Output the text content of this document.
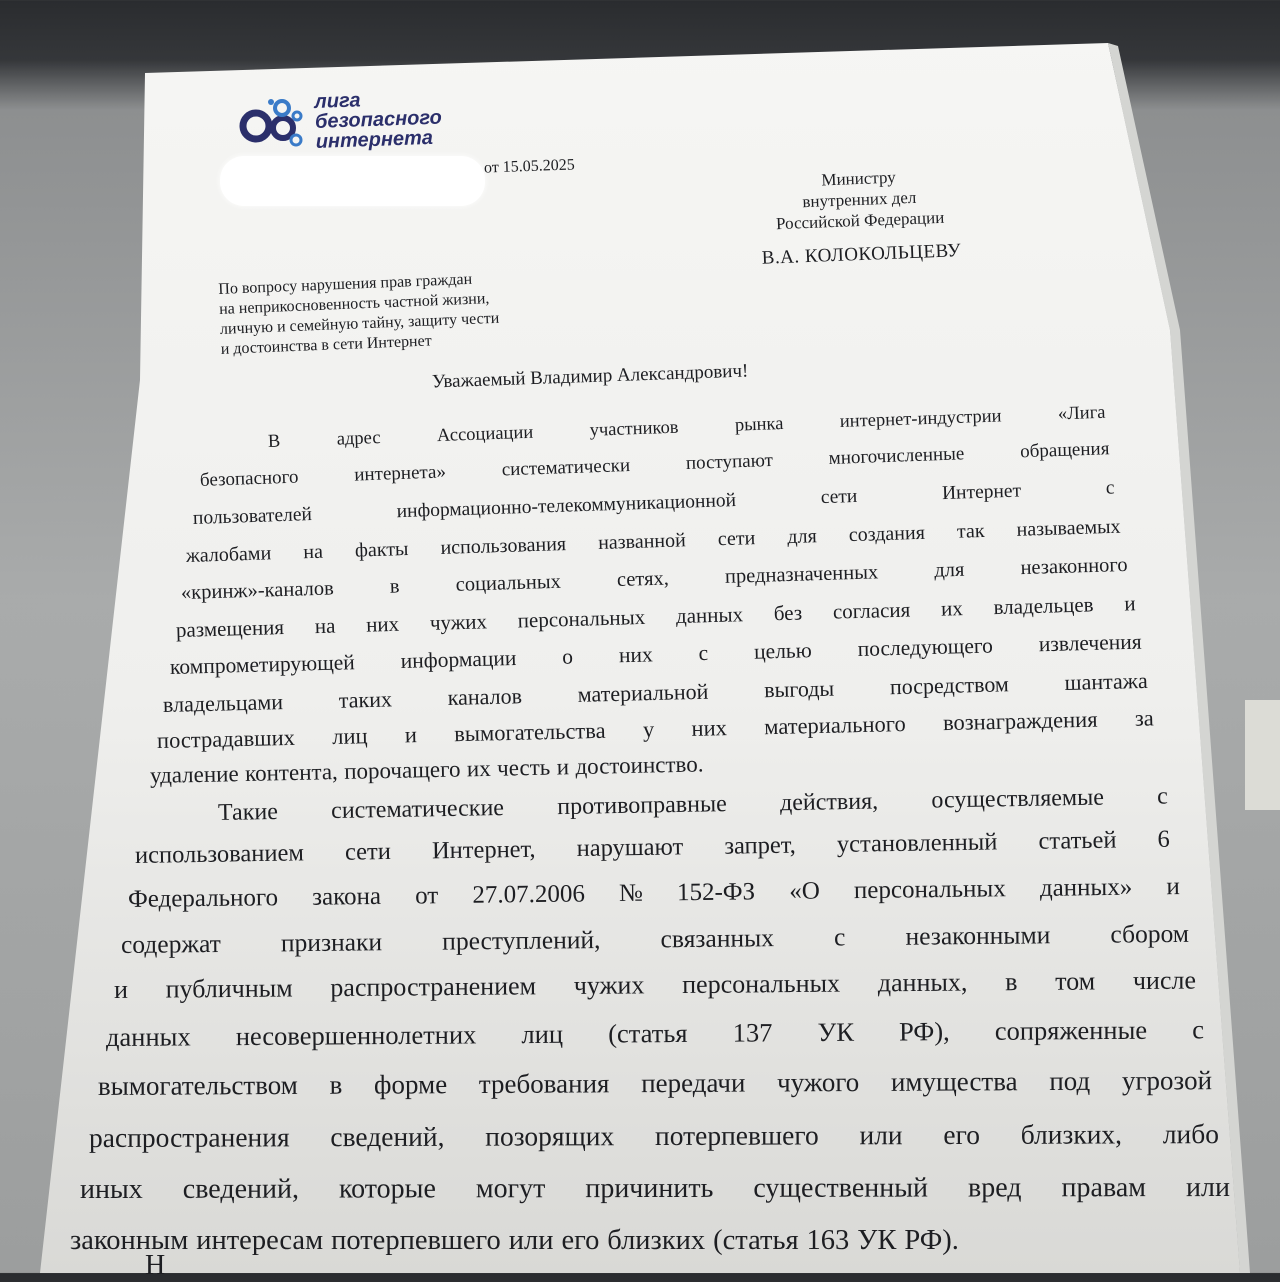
лига
безопасного
интернета
от 15.05.2025
Министру
внутренних дел
Российской Федерации
В.А. КОЛОКОЛЬЦЕВУ
По вопросу нарушения прав граждан
на неприкосновенность частной жизни,
личную и семейную тайну, защиту чести
и достоинства в сети Интернет
Уважаемый Владимир Александрович!
В	адрес	Ассоциации	участников	рынка	интернет-индустрии	«Лига
безопасного	интернета»	систематически	поступают	многочисленные	обращения
пользователей	информационно-телекоммуникационной	сети	Интернет	с
жалобами на факты использования названной сети для создания так называемых
«кринж»-каналов	в	социальных	сетях,	предназначенных	для	незаконного
размещения на них чужих персональных данных без согласия их владельцев и
компрометирующей информации о них с целью последующего извлечения
владельцами	таких	каналов	материальной	выгоды	посредством	шантажа
пострадавших лиц и вымогательства у них материального вознаграждения за
удаление контента, порочащего их честь и достоинство.
Такие систематические противоправные действия, осуществляемые с
использованием сети Интернет, нарушают запрет, установленный статьей 6
Федерального закона от 27.07.2006 № 152-ФЗ «О персональных данных» и
содержат признаки преступлений, связанных с незаконными сбором
и публичным распространением чужих персональных данных, в том числе
данных несовершеннолетних лиц (статья 137 УК РФ), сопряженные с
вымогательством в форме требования передачи чужого имущества под угрозой
распространения сведений, позорящих потерпевшего или его близких, либо
иных сведений, которые могут причинить существенный вред правам или
законным интересам потерпевшего или его близких (статья 163 УК РФ).
Н
